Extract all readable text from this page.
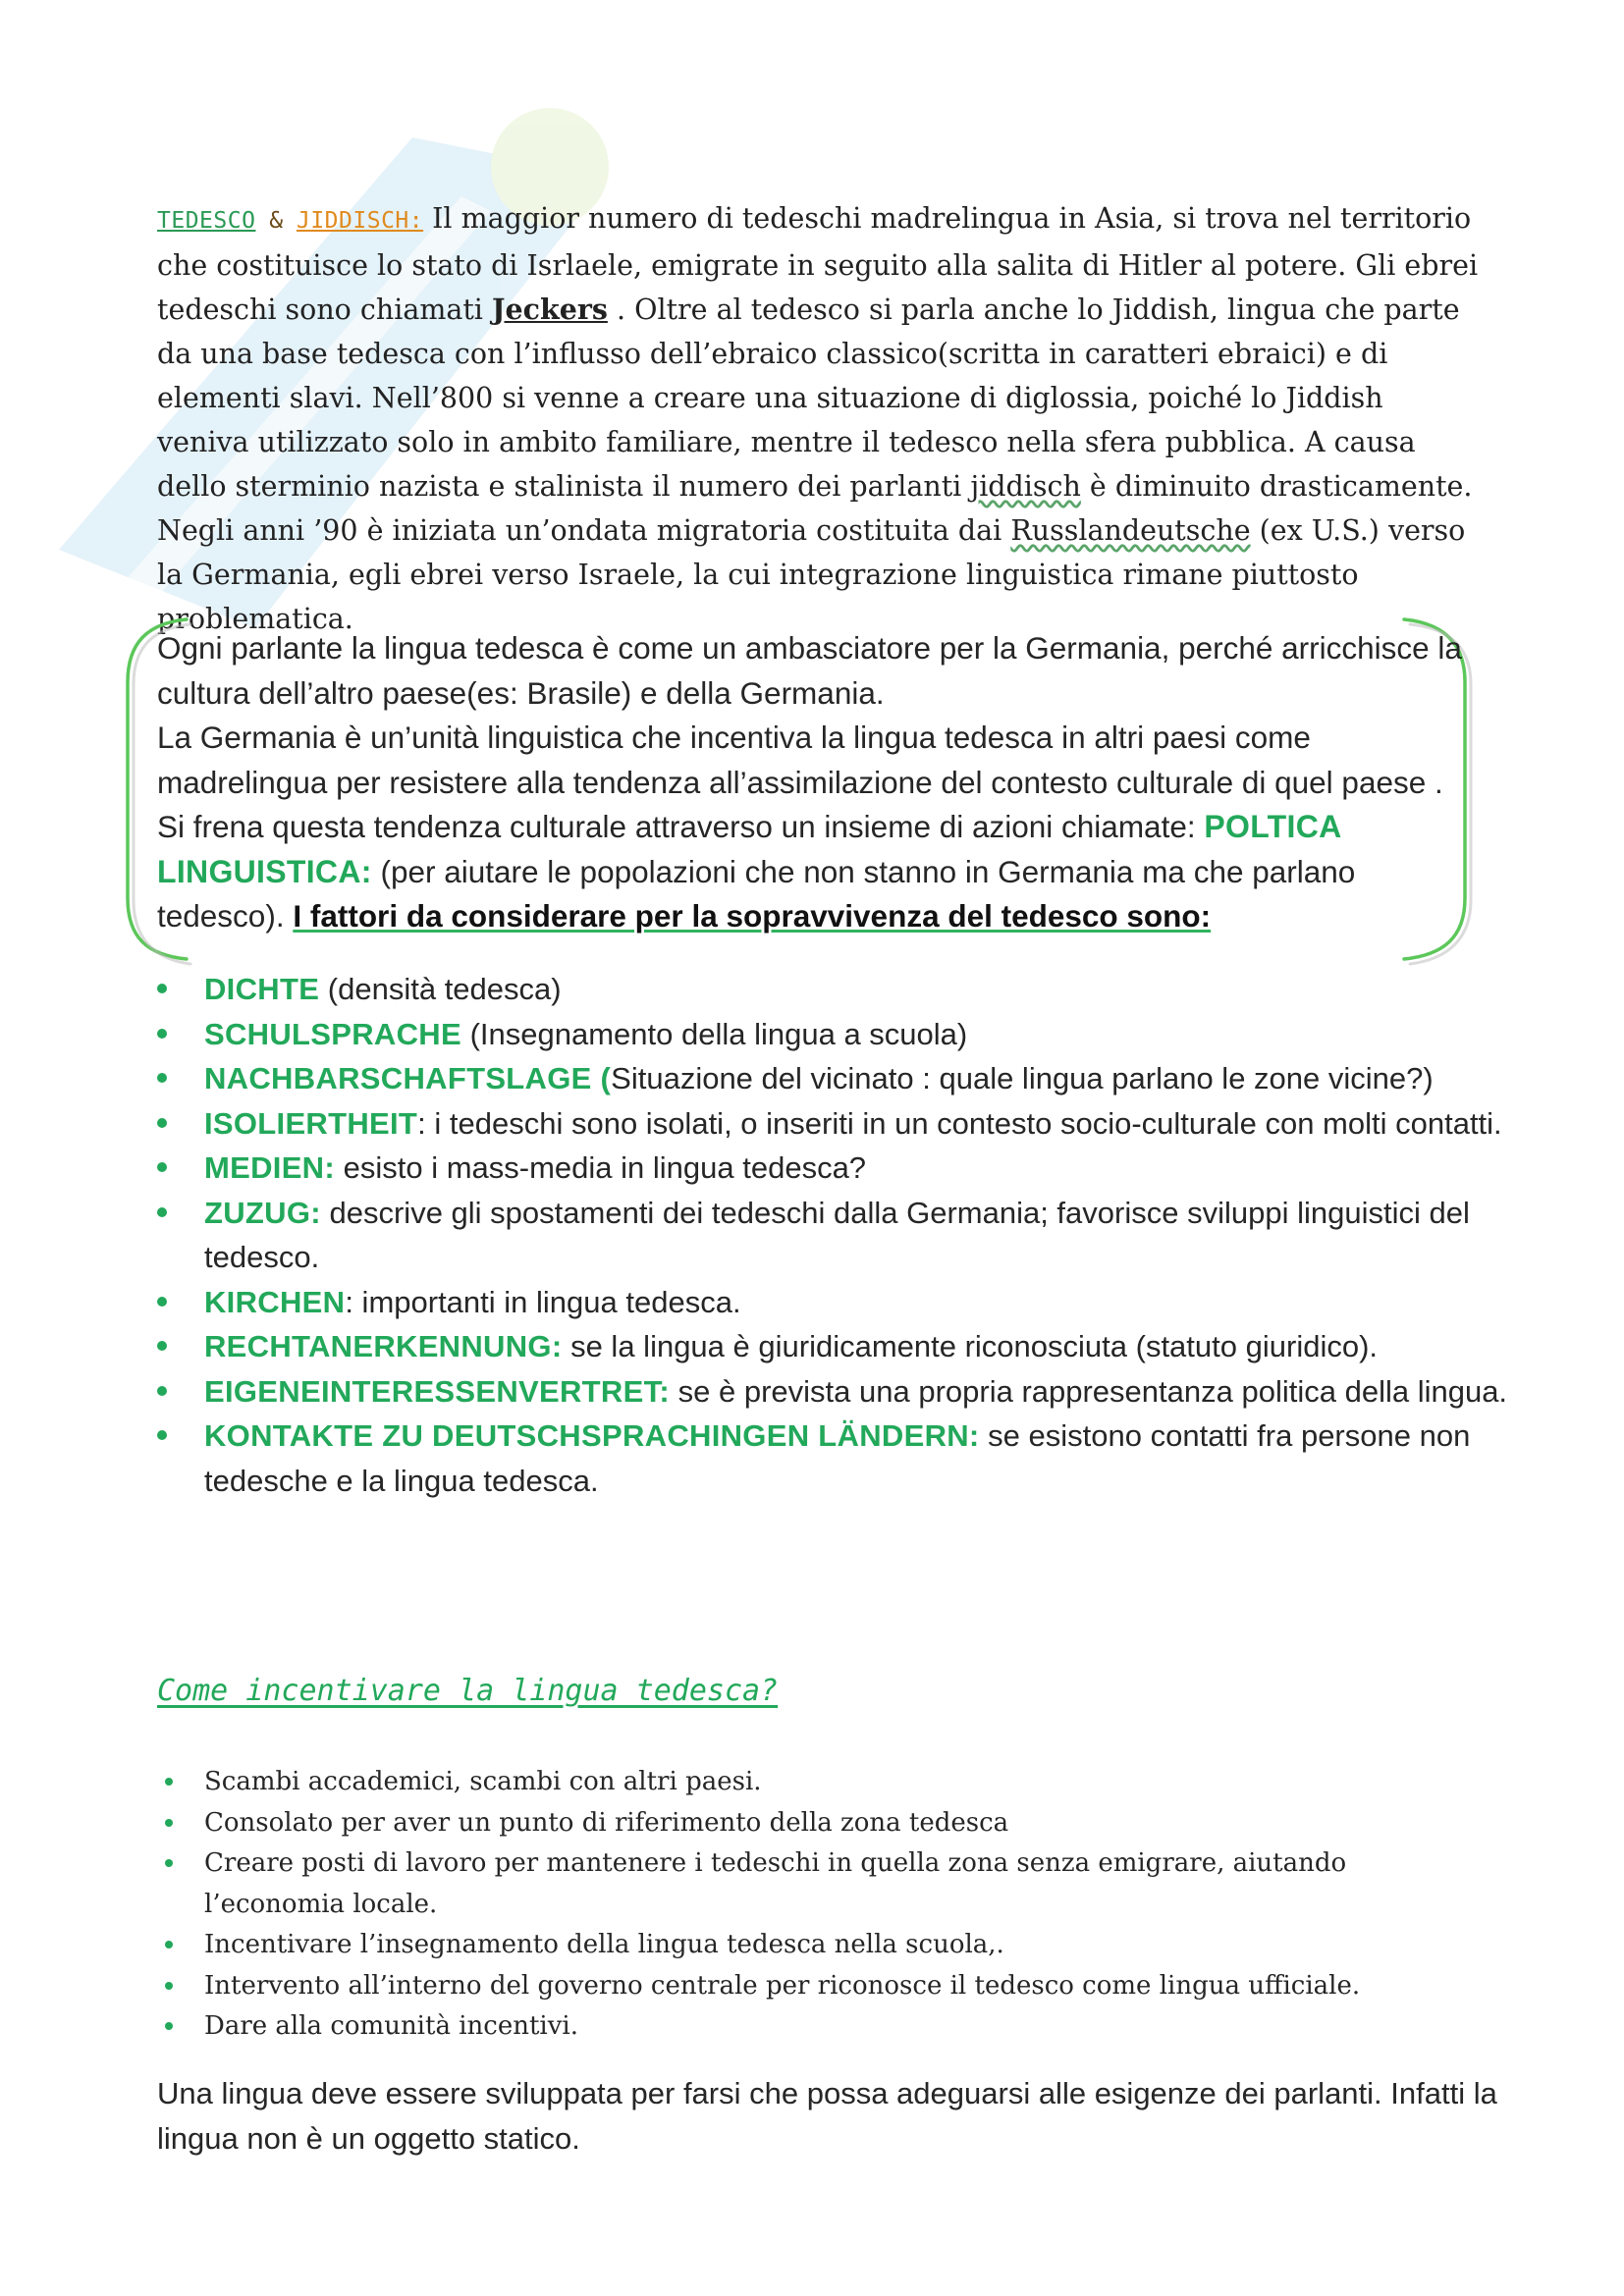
TEDESCO & JIDDISCH: Il maggior numero di tedeschi madrelingua in Asia, si trova nel territorio che costituisce lo stato di Isrlaele, emigrate in seguito alla salita di Hitler al potere. Gli ebrei tedeschi sono chiamati Jeckers . Oltre al tedesco si parla anche lo Jiddish, lingua che parte da una base tedesca con l’influsso dell’ebraico classico(scritta in caratteri ebraici) e di elementi slavi. Nell’800 si venne a creare una situazione di diglossia, poiché lo Jiddish veniva utilizzato solo in ambito familiare, mentre il tedesco nella sfera pubblica. A causa dello sterminio nazista e stalinista il numero dei parlanti jiddisch è diminuito drasticamente. Negli anni ’90 è iniziata un’ondata migratoria costituita dai Russlandeutsche (ex U.S.) verso la Germania, egli ebrei verso Israele, la cui integrazione linguistica rimane piuttosto problematica.
Ogni parlante la lingua tedesca è come un ambasciatore per la Germania, perché arricchisce la cultura dell’altro paese(es: Brasile) e della Germania.
La Germania è un’unità linguistica che incentiva la lingua tedesca in altri paesi come madrelingua per resistere alla tendenza all’assimilazione del contesto culturale di quel paese . Si frena questa tendenza culturale attraverso un insieme di azioni chiamate: POLTICA LINGUISTICA: (per aiutare le popolazioni che non stanno in Germania ma che parlano tedesco). I fattori da considerare per la sopravvivenza del tedesco sono:
DICHTE (densità tedesca)
SCHULSPRACHE (Insegnamento della lingua a scuola)
NACHBARSCHAFTSLAGE (Situazione del vicinato : quale lingua parlano le zone vicine?)
ISOLIERTHEIT: i tedeschi sono isolati, o inseriti in un contesto socio-culturale con molti contatti.
MEDIEN: esisto i mass-media in lingua tedesca?
ZUZUG: descrive gli spostamenti dei tedeschi dalla Germania; favorisce sviluppi linguistici del tedesco.
KIRCHEN: importanti in lingua tedesca.
RECHTANERKENNUNG: se la lingua è giuridicamente riconosciuta (statuto giuridico).
EIGENEINTERESSENVERTRET: se è prevista una propria rappresentanza politica della lingua.
KONTAKTE ZU DEUTSCHSPRACHINGEN LÄNDERN: se esistono contatti fra persone non tedesche e la lingua tedesca.
Come incentivare la lingua tedesca?
Scambi accademici, scambi con altri paesi.
Consolato per aver un punto di riferimento della zona tedesca
Creare posti di lavoro per mantenere i tedeschi in quella zona senza emigrare, aiutando l’economia locale.
Incentivare l’insegnamento della lingua tedesca nella scuola,.
Intervento all’interno del governo centrale per riconosce il tedesco come lingua ufficiale.
Dare alla comunità incentivi.
Una lingua deve essere sviluppata per farsi che possa adeguarsi alle esigenze dei parlanti. Infatti la lingua non è un oggetto statico.
